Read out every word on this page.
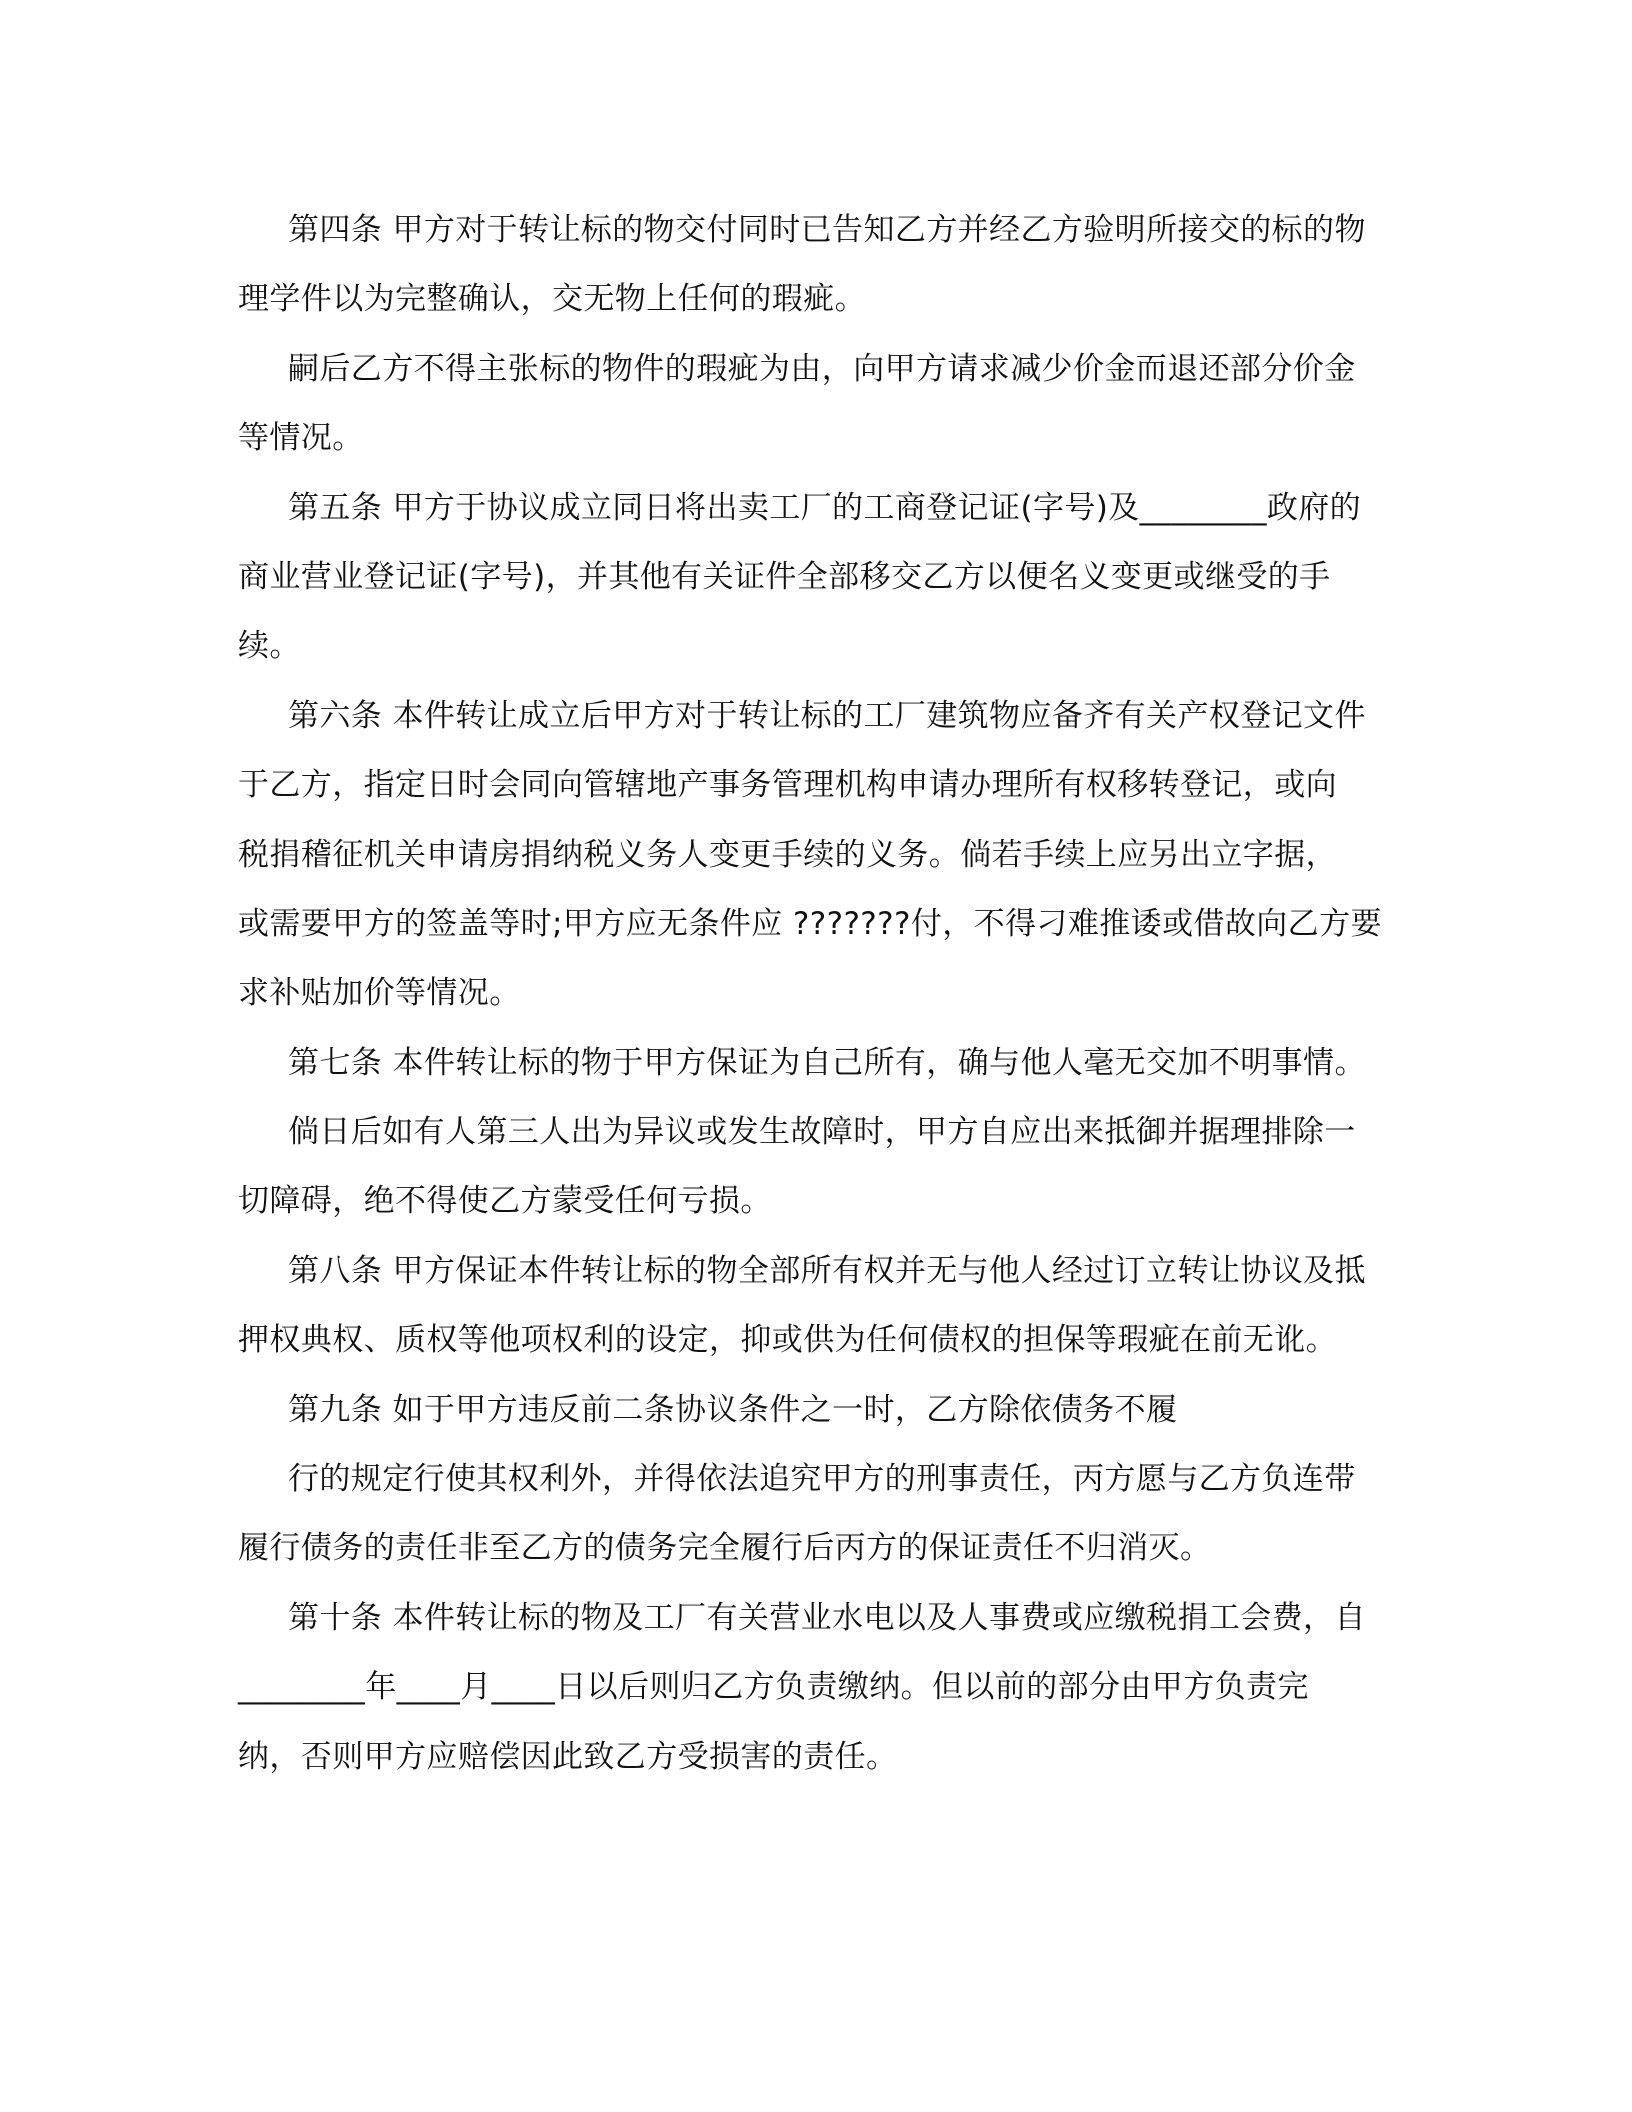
第四条 甲方对于转让标的物交付同时已告知乙方并经乙方验明所接交的标的物
理学件以为完整确认，交无物上任何的瑕疵。
嗣后乙方不得主张标的物件的瑕疵为由，向甲方请求减少价金而退还部分价金
等情况。
第五条 甲方于协议成立同日将出卖工厂的工商登记证(字号)及________政府的
商业营业登记证(字号)，并其他有关证件全部移交乙方以便名义变更或继受的手
续。
第六条 本件转让成立后甲方对于转让标的工厂建筑物应备齐有关产权登记文件
于乙方，指定日时会同向管辖地产事务管理机构申请办理所有权移转登记，或向
税捐稽征机关申请房捐纳税义务人变更手续的义务。倘若手续上应另出立字据，
或需要甲方的签盖等时;甲方应无条件应 ???????付，不得刁难推诿或借故向乙方要
求补贴加价等情况。
第七条 本件转让标的物于甲方保证为自己所有，确与他人毫无交加不明事情。
倘日后如有人第三人出为异议或发生故障时，甲方自应出来抵御并据理排除一
切障碍，绝不得使乙方蒙受任何亏损。
第八条 甲方保证本件转让标的物全部所有权并无与他人经过订立转让协议及抵
押权典权、质权等他项权利的设定，抑或供为任何债权的担保等瑕疵在前无讹。
第九条 如于甲方违反前二条协议条件之一时，乙方除依债务不履
行的规定行使其权利外，并得依法追究甲方的刑事责任，丙方愿与乙方负连带
履行债务的责任非至乙方的债务完全履行后丙方的保证责任不归消灭。
第十条 本件转让标的物及工厂有关营业水电以及人事费或应缴税捐工会费，自
________年____月____日以后则归乙方负责缴纳。但以前的部分由甲方负责完
纳，否则甲方应赔偿因此致乙方受损害的责任。
